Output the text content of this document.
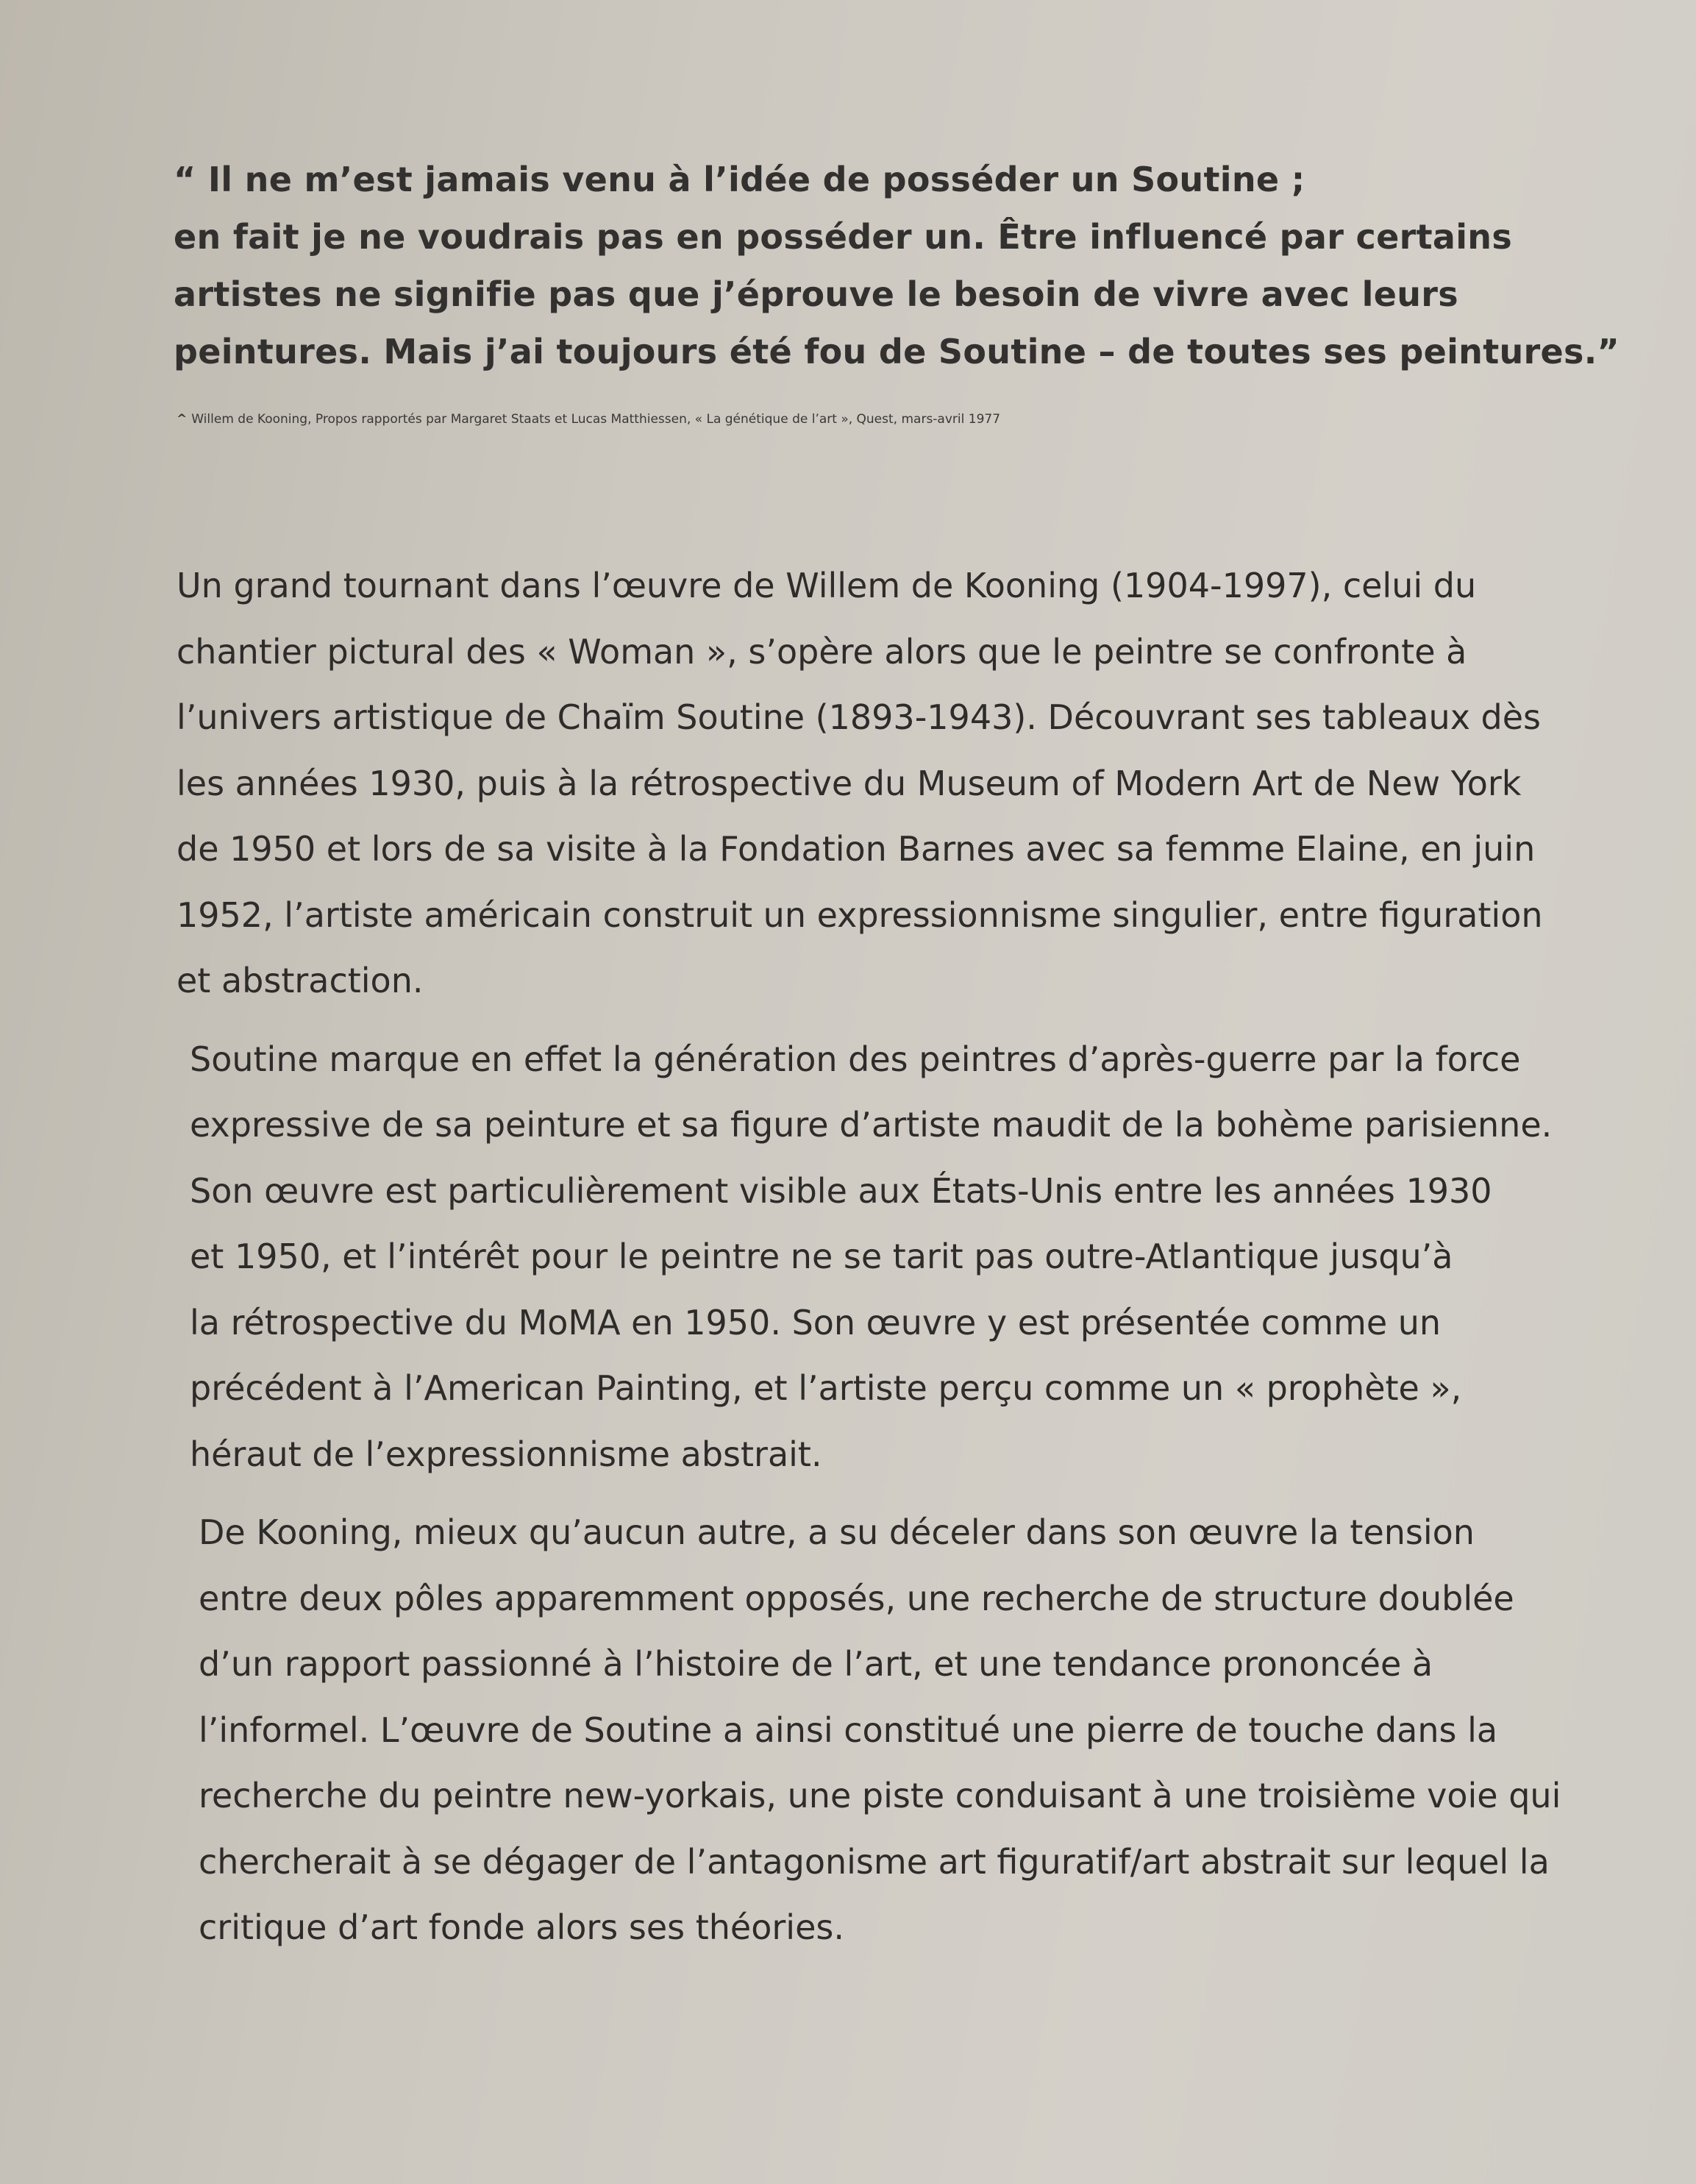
“ Il ne m’est jamais venu à l’idée de posséder un Soutine ;
en fait je ne voudrais pas en posséder un. Être influencé par certains
artistes ne signifie pas que j’éprouve le besoin de vivre avec leurs
peintures. Mais j’ai toujours été fou de Soutine – de toutes ses peintures.”
^ Willem de Kooning, Propos rapportés par Margaret Staats et Lucas Matthiessen, « La génétique de l’art », Quest, mars-avril 1977
Un grand tournant dans l’œuvre de Willem de Kooning (1904-1997), celui du
chantier pictural des « Woman », s’opère alors que le peintre se confronte à
l’univers artistique de Chaïm Soutine (1893-1943). Découvrant ses tableaux dès
les années 1930, puis à la rétrospective du Museum of Modern Art de New York
de 1950 et lors de sa visite à la Fondation Barnes avec sa femme Elaine, en juin
1952, l’artiste américain construit un expressionnisme singulier, entre figuration
et abstraction.
Soutine marque en effet la génération des peintres d’après-guerre par la force
expressive de sa peinture et sa figure d’artiste maudit de la bohème parisienne.
Son œuvre est particulièrement visible aux États-Unis entre les années 1930
et 1950, et l’intérêt pour le peintre ne se tarit pas outre-Atlantique jusqu’à
la rétrospective du MoMA en 1950. Son œuvre y est présentée comme un
précédent à l’American Painting, et l’artiste perçu comme un « prophète »,
héraut de l’expressionnisme abstrait.
De Kooning, mieux qu’aucun autre, a su déceler dans son œuvre la tension
entre deux pôles apparemment opposés, une recherche de structure doublée
d’un rapport passionné à l’histoire de l’art, et une tendance prononcée à
l’informel. L’œuvre de Soutine a ainsi constitué une pierre de touche dans la
recherche du peintre new-yorkais, une piste conduisant à une troisième voie qui
chercherait à se dégager de l’antagonisme art figuratif/art abstrait sur lequel la
critique d’art fonde alors ses théories.
